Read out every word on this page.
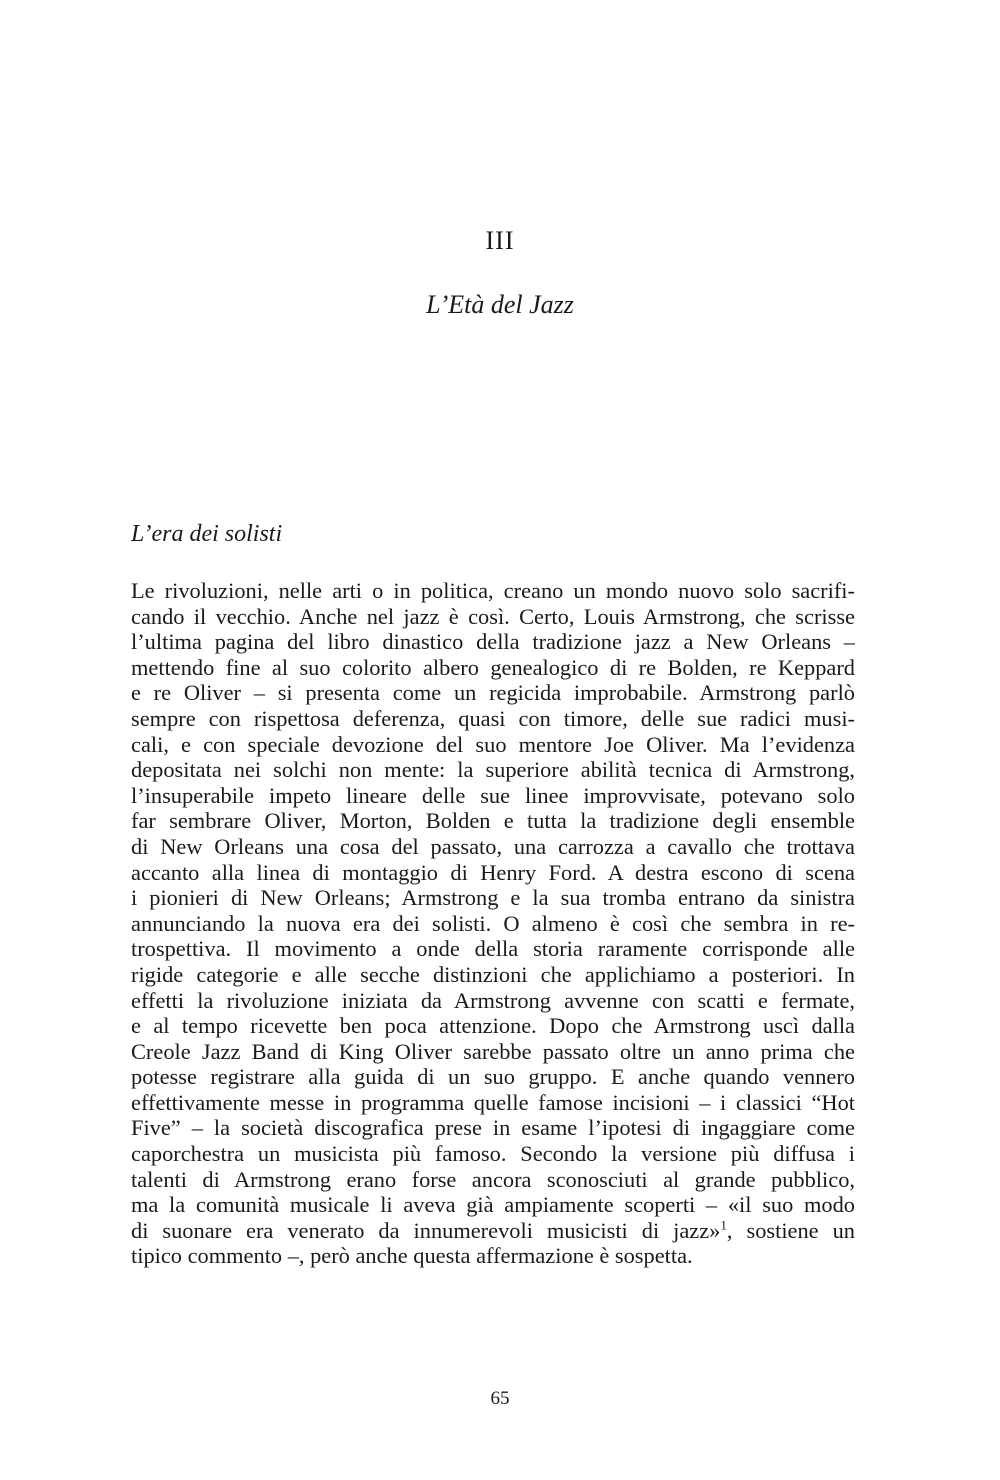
III
L’Età del Jazz
L’era dei solisti
Le rivoluzioni, nelle arti o in politica, creano un mondo nuovo solo sacrifi-
cando il vecchio. Anche nel jazz è così. Certo, Louis Armstrong, che scrisse
l’ultima pagina del libro dinastico della tradizione jazz a New Orleans –
mettendo fine al suo colorito albero genealogico di re Bolden, re Keppard
e re Oliver – si presenta come un regicida improbabile. Armstrong parlò
sempre con rispettosa deferenza, quasi con timore, delle sue radici musi-
cali, e con speciale devozione del suo mentore Joe Oliver. Ma l’evidenza
depositata nei solchi non mente: la superiore abilità tecnica di Armstrong,
l’insuperabile impeto lineare delle sue linee improvvisate, potevano solo
far sembrare Oliver, Morton, Bolden e tutta la tradizione degli ensemble
di New Orleans una cosa del passato, una carrozza a cavallo che trottava
accanto alla linea di montaggio di Henry Ford. A destra escono di scena
i pionieri di New Orleans; Armstrong e la sua tromba entrano da sinistra
annunciando la nuova era dei solisti. O almeno è così che sembra in re-
trospettiva. Il movimento a onde della storia raramente corrisponde alle
rigide categorie e alle secche distinzioni che applichiamo a posteriori. In
effetti la rivoluzione iniziata da Armstrong avvenne con scatti e fermate,
e al tempo ricevette ben poca attenzione. Dopo che Armstrong uscì dalla
Creole Jazz Band di King Oliver sarebbe passato oltre un anno prima che
potesse registrare alla guida di un suo gruppo. E anche quando vennero
effettivamente messe in programma quelle famose incisioni – i classici “Hot
Five” – la società discografica prese in esame l’ipotesi di ingaggiare come
caporchestra un musicista più famoso. Secondo la versione più diffusa i
talenti di Armstrong erano forse ancora sconosciuti al grande pubblico,
ma la comunità musicale li aveva già ampiamente scoperti – «il suo modo
di suonare era venerato da innumerevoli musicisti di jazz»$^1$, sostiene un
tipico commento –, però anche questa affermazione è sospetta.
65
